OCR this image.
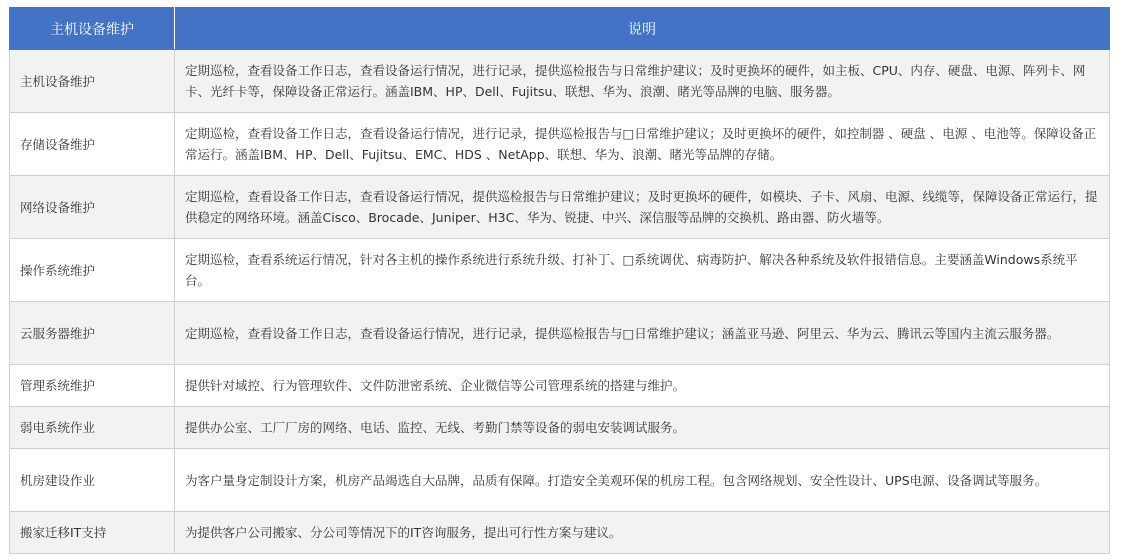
主机设备维护	说明
主机设备维护	定期巡检，查看设备工作日志，查看设备运行情况，进行记录，提供巡检报告与日常维护建议；及时更换坏的硬件，如主板、CPU、内存、硬盘、电源、阵列卡、网卡、光纤卡等，保障设备正常运行。涵盖IBM、HP、Dell、Fujitsu、联想、华为、浪潮、睹光等品牌的电脑、服务器。
存储设备维护	定期巡检，查看设备工作日志，查看设备运行情况，进行记录，提供巡检报告与□日常维护建议；及时更换坏的硬件，如控制器 、硬盘 、电源 、电池等。保障设备正常运行。涵盖IBM、HP、Dell、Fujitsu、EMC、HDS 、NetApp、联想、华为、浪潮、睹光等品牌的存储。
网络设备维护	定期巡检，查看设备工作日志，查看设备运行情况，提供巡检报告与日常维护建议；及时更换坏的硬件，如模块、子卡、风扇、电源、线缆等，保障设备正常运行，提供稳定的网络环境。涵盖Cisco、Brocade、Juniper、H3C、华为、锐捷、中兴、深信服等品牌的交换机、路由器、防火墙等。
操作系统维护	定期巡检，查看系统运行情况，针对各主机的操作系统进行系统升级、打补丁、□系统调优、病毒防护、解决各种系统及软件报错信息。主要涵盖Windows系统平台。
云服务器维护	定期巡检，查看设备工作日志，查看设备运行情况，进行记录，提供巡检报告与□日常维护建议；涵盖亚马逊、阿里云、华为云、腾讯云等国内主流云服务器。
管理系统维护	提供针对域控、行为管理软件、文件防泄密系统、企业微信等公司管理系统的搭建与维护。
弱电系统作业	提供办公室、工厂厂房的网络、电话、监控、无线、考勤门禁等设备的弱电安装调试服务。
机房建设作业	为客户量身定制设计方案，机房产品竭选自大品牌，品质有保障。打造安全美观环保的机房工程。包含网络规划、安全性设计、UPS电源、设备调试等服务。
搬家迁移IT支持	为提供客户公司搬家、分公司等情况下的IT咨询服务，提出可行性方案与建议。
